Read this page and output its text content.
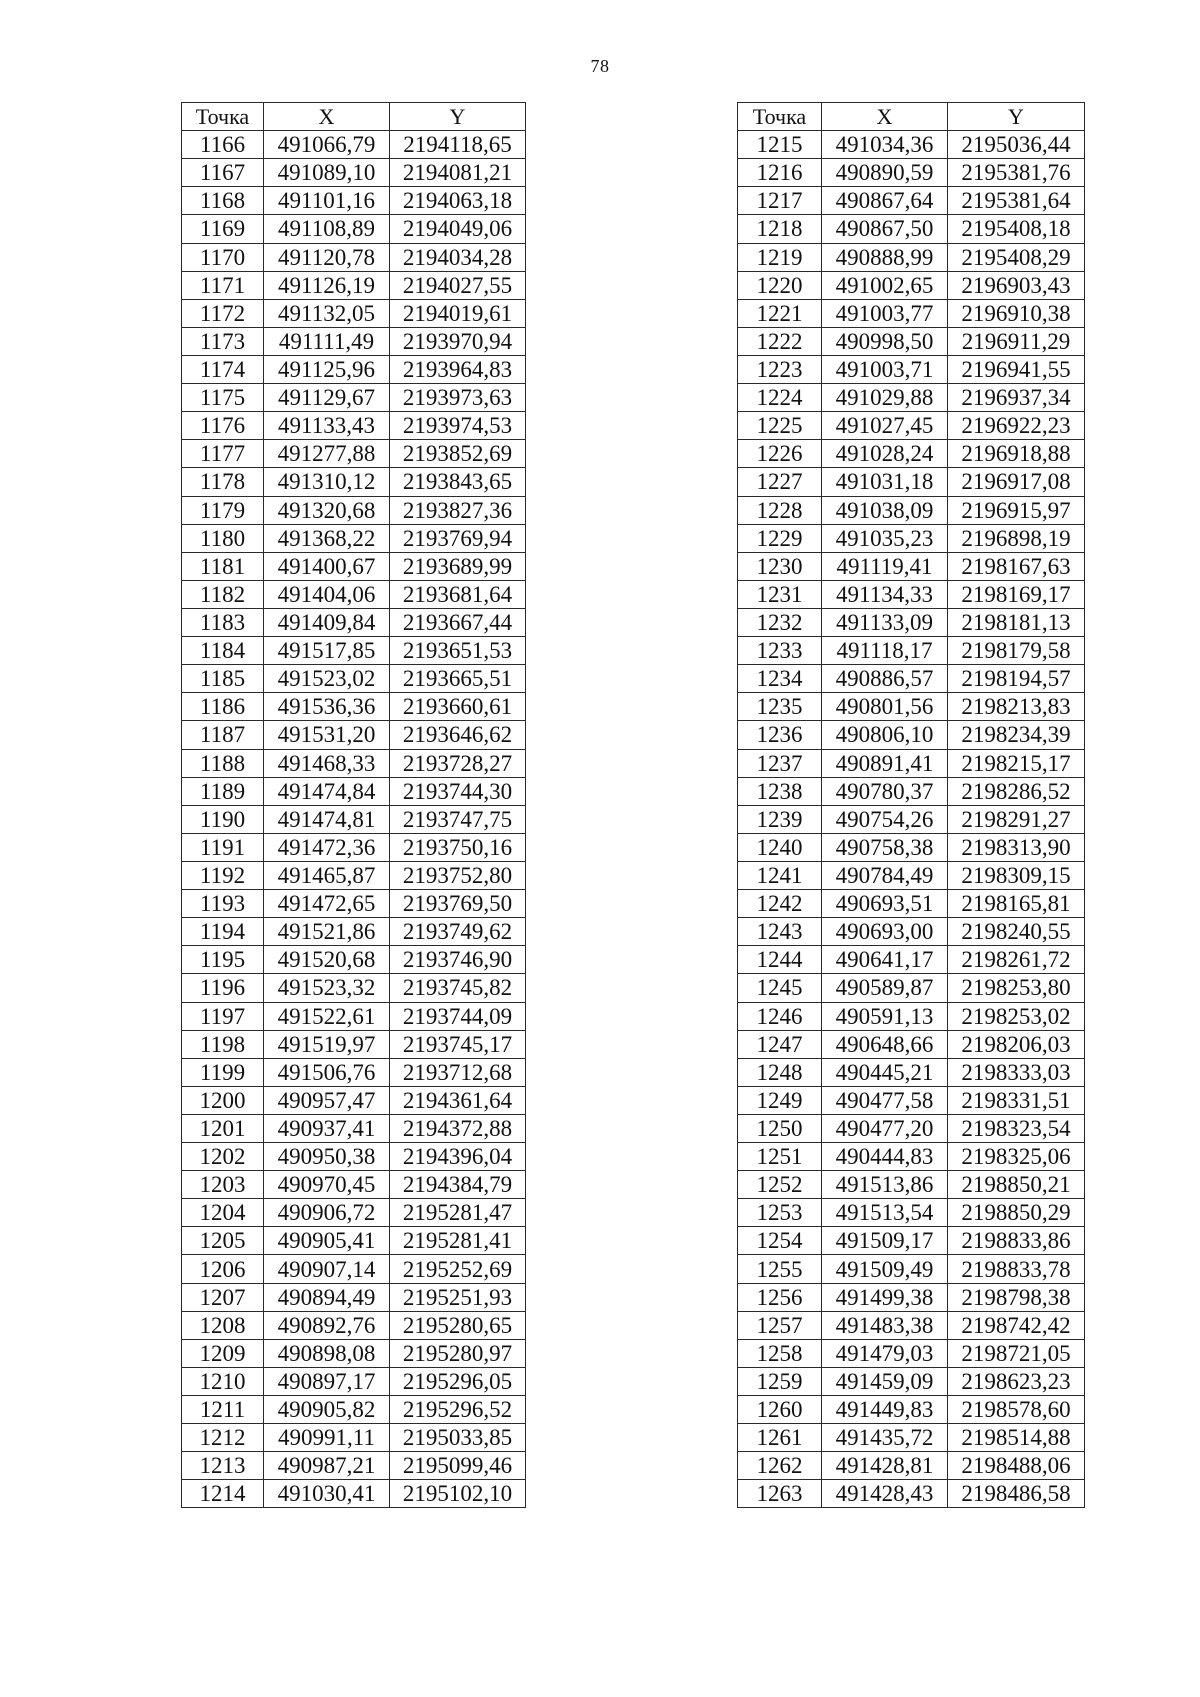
78
Точка	X	Y
1166	491066,79	2194118,65
1167	491089,10	2194081,21
1168	491101,16	2194063,18
1169	491108,89	2194049,06
1170	491120,78	2194034,28
1171	491126,19	2194027,55
1172	491132,05	2194019,61
1173	491111,49	2193970,94
1174	491125,96	2193964,83
1175	491129,67	2193973,63
1176	491133,43	2193974,53
1177	491277,88	2193852,69
1178	491310,12	2193843,65
1179	491320,68	2193827,36
1180	491368,22	2193769,94
1181	491400,67	2193689,99
1182	491404,06	2193681,64
1183	491409,84	2193667,44
1184	491517,85	2193651,53
1185	491523,02	2193665,51
1186	491536,36	2193660,61
1187	491531,20	2193646,62
1188	491468,33	2193728,27
1189	491474,84	2193744,30
1190	491474,81	2193747,75
1191	491472,36	2193750,16
1192	491465,87	2193752,80
1193	491472,65	2193769,50
1194	491521,86	2193749,62
1195	491520,68	2193746,90
1196	491523,32	2193745,82
1197	491522,61	2193744,09
1198	491519,97	2193745,17
1199	491506,76	2193712,68
1200	490957,47	2194361,64
1201	490937,41	2194372,88
1202	490950,38	2194396,04
1203	490970,45	2194384,79
1204	490906,72	2195281,47
1205	490905,41	2195281,41
1206	490907,14	2195252,69
1207	490894,49	2195251,93
1208	490892,76	2195280,65
1209	490898,08	2195280,97
1210	490897,17	2195296,05
1211	490905,82	2195296,52
1212	490991,11	2195033,85
1213	490987,21	2195099,46
1214	491030,41	2195102,10
Точка	X	Y
1215	491034,36	2195036,44
1216	490890,59	2195381,76
1217	490867,64	2195381,64
1218	490867,50	2195408,18
1219	490888,99	2195408,29
1220	491002,65	2196903,43
1221	491003,77	2196910,38
1222	490998,50	2196911,29
1223	491003,71	2196941,55
1224	491029,88	2196937,34
1225	491027,45	2196922,23
1226	491028,24	2196918,88
1227	491031,18	2196917,08
1228	491038,09	2196915,97
1229	491035,23	2196898,19
1230	491119,41	2198167,63
1231	491134,33	2198169,17
1232	491133,09	2198181,13
1233	491118,17	2198179,58
1234	490886,57	2198194,57
1235	490801,56	2198213,83
1236	490806,10	2198234,39
1237	490891,41	2198215,17
1238	490780,37	2198286,52
1239	490754,26	2198291,27
1240	490758,38	2198313,90
1241	490784,49	2198309,15
1242	490693,51	2198165,81
1243	490693,00	2198240,55
1244	490641,17	2198261,72
1245	490589,87	2198253,80
1246	490591,13	2198253,02
1247	490648,66	2198206,03
1248	490445,21	2198333,03
1249	490477,58	2198331,51
1250	490477,20	2198323,54
1251	490444,83	2198325,06
1252	491513,86	2198850,21
1253	491513,54	2198850,29
1254	491509,17	2198833,86
1255	491509,49	2198833,78
1256	491499,38	2198798,38
1257	491483,38	2198742,42
1258	491479,03	2198721,05
1259	491459,09	2198623,23
1260	491449,83	2198578,60
1261	491435,72	2198514,88
1262	491428,81	2198488,06
1263	491428,43	2198486,58
